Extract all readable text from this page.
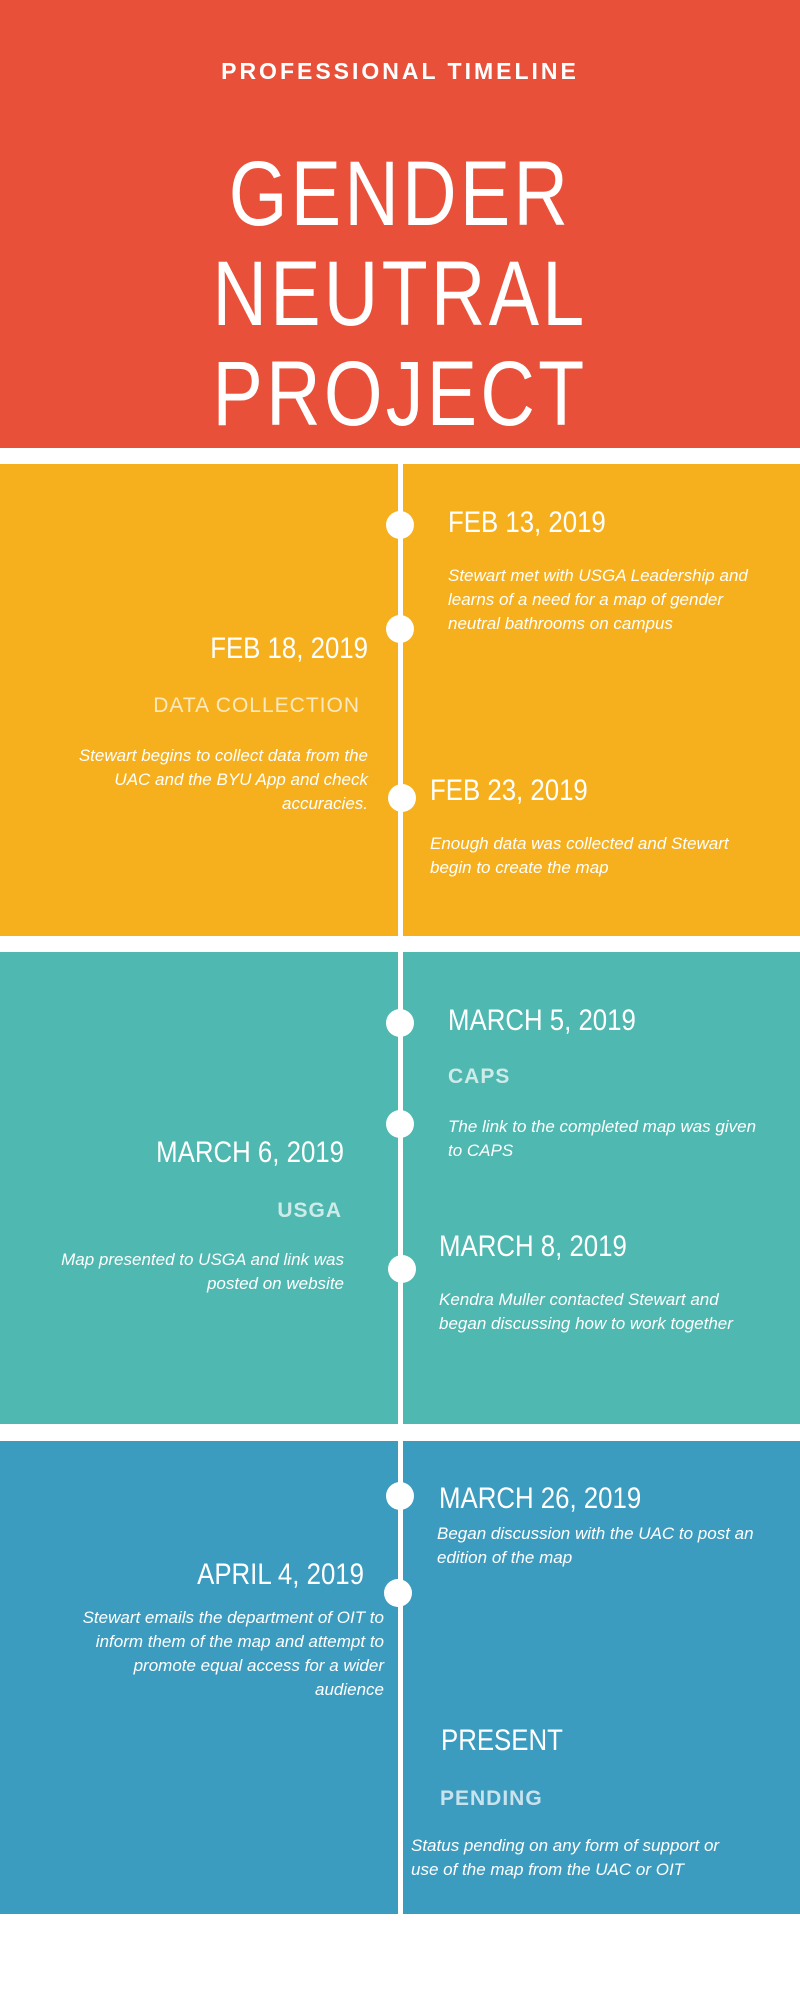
PROFESSIONAL TIMELINE
GENDER NEUTRAL
PROJECT
FEB 13, 2019
Stewart met with USGA Leadership and learns of a need for a map of gender neutral bathrooms on campus
FEB 18, 2019
DATA COLLECTION
Stewart begins to collect data from the UAC and the BYU App and check accuracies. FEB 23, 2019
Enough data was collected and Stewart begin to create the map
MARCH 5, 2019
CAPS
The link to the completed map was given to CAPS
MARCH 6, 2019
USGA
Map presented to USGA and link was posted on website
MARCH 8, 2019
Kendra Muller contacted Stewart and began discussing how to work together
MARCH 26, 2019
Began discussion with the UAC to post an edition of the map
APRIL 4, 2019
Stewart emails the department of OIT to inform them of the map and attempt to promote equal access for a wider audience
PRESENT
PENDING
Status pending on any form of support or use of the map from the UAC or OIT
